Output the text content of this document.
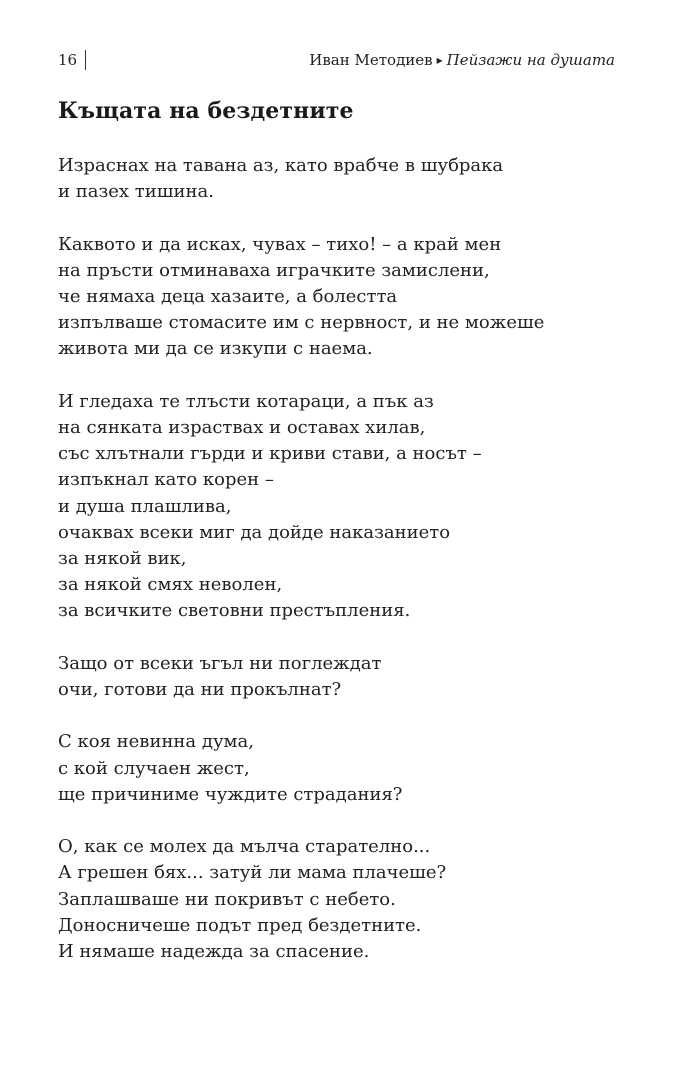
16	Иван Методиев ▸ Пейзажи на душата
Къщата на бездетните
Израснах на тавана аз, като врабче в шубрака
и пазех тишина.
Каквото и да исках, чувах – тихо! – а край мен
на пръсти отминаваха играчките замислени,
че нямаха деца хазаите, а болестта
изпълваше стомасите им с нервност, и не можеше
живота ми да се изкупи с наема.
И гледаха те тлъсти котараци, а пък аз
на сянката израствах и оставах хилав,
със хлътнали гърди и криви стави, а носът –
изпъкнал като корен –
и душа плашлива,
очаквах всеки миг да дойде наказанието
за някой вик,
за някой смях неволен,
за всичките световни престъпления.
Защо от всеки ъгъл ни поглеждат
очи, готови да ни прокълнат?
С коя невинна дума,
с кой случаен жест,
ще причиниме чуждите страдания?
О, как се молех да мълча старателно...
А грешен бях... затуй ли мама плачеше?
Заплашваше ни покривът с небето.
Доносничеше подът пред бездетните.
И нямаше надежда за спасение.
